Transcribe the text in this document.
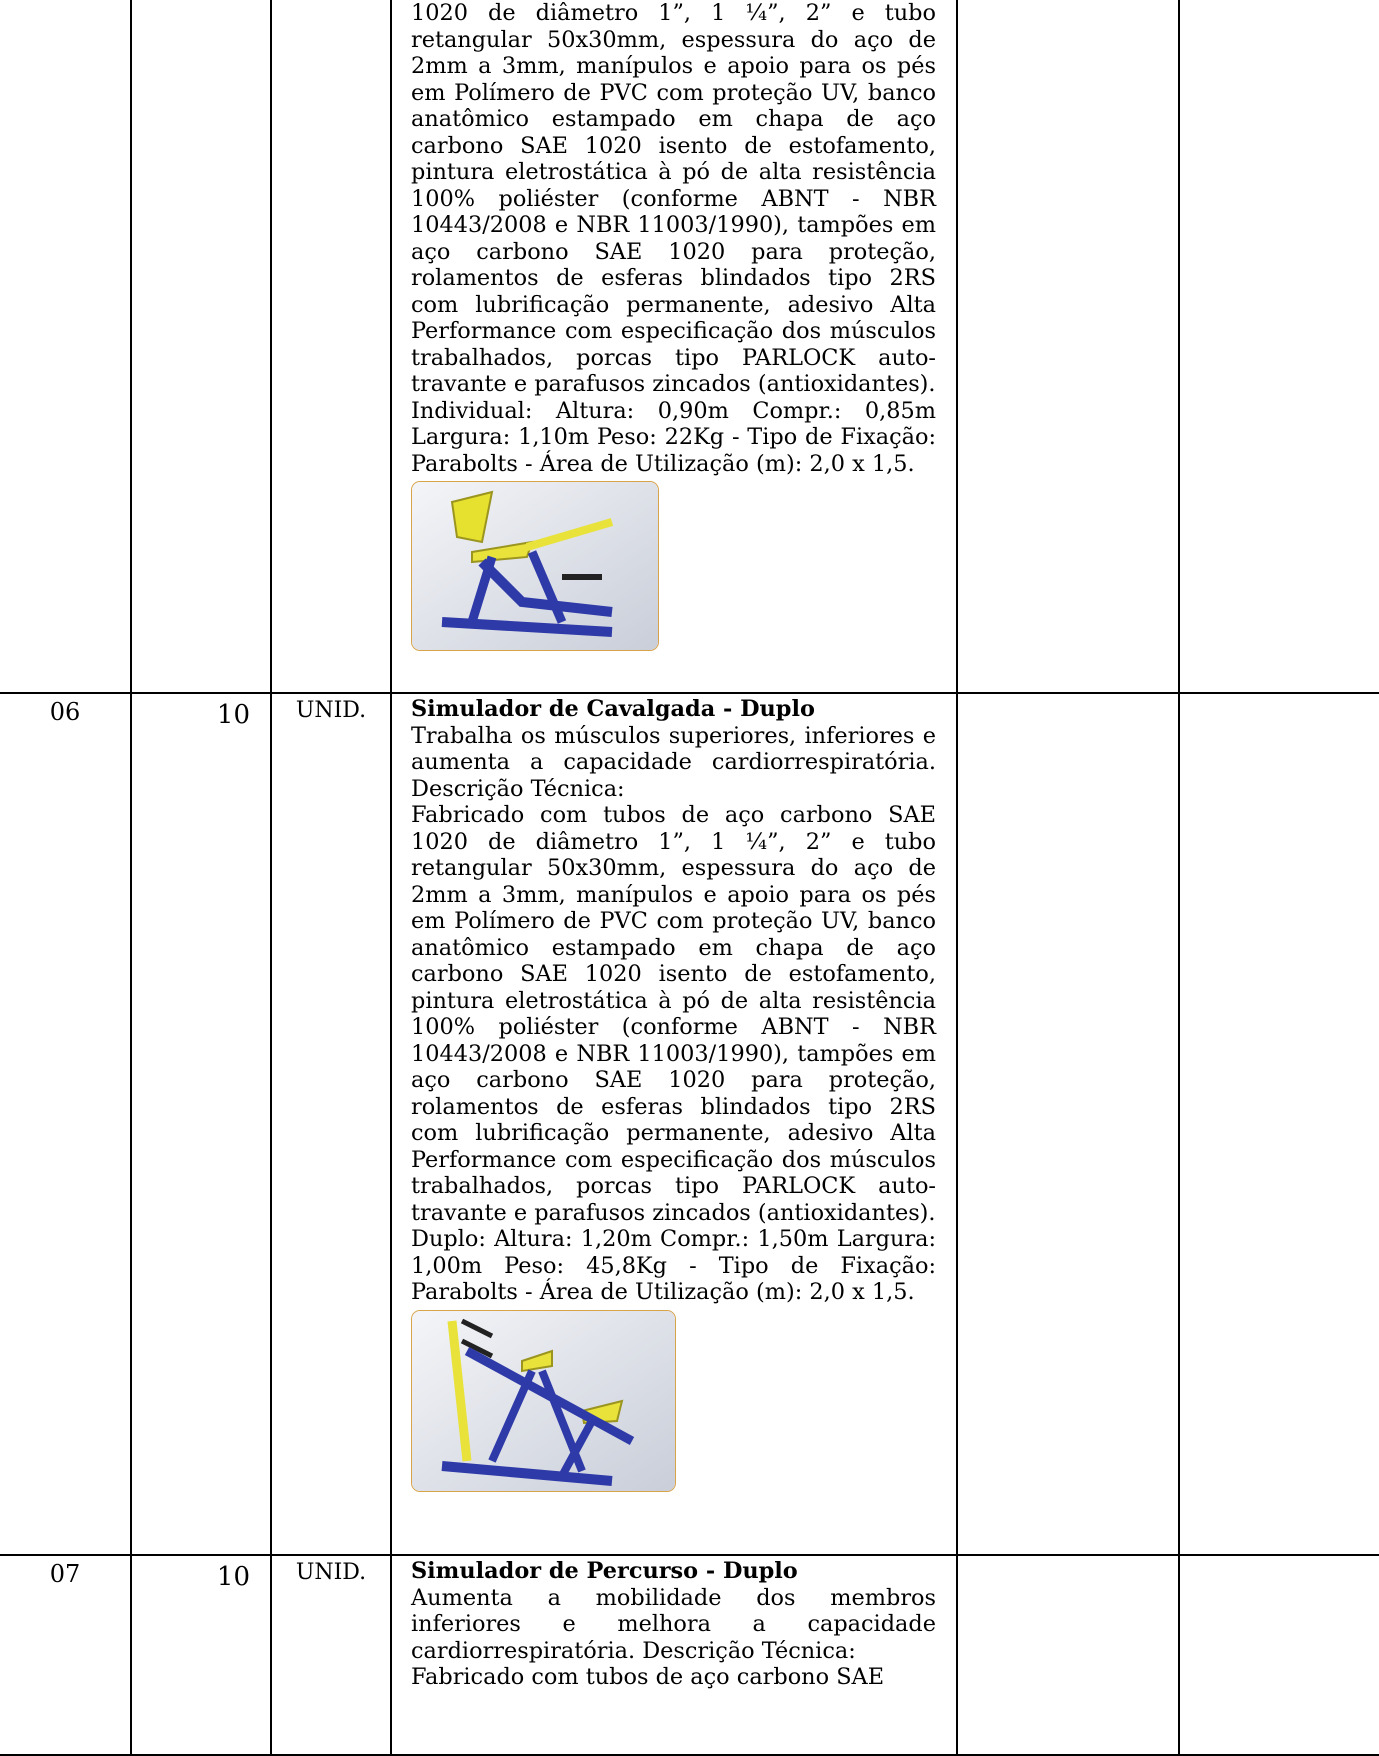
			1020 de diâmetro 1”, 1 ¼”, 2” e tubo retangular 50x30mm, espessura do aço de 2mm a 3mm, manípulos e apoio para os pés em Polímero de PVC com proteção UV, banco anatômico estampado em chapa de aço carbono SAE 1020 isento de estofamento, pintura eletrostática à pó de alta resistência 100% poliéster (conforme ABNT - NBR 10443/2008 e NBR 11003/1990), tampões em aço carbono SAE 1020 para proteção, rolamentos de esferas blindados tipo 2RS com lubrificação permanente, adesivo Alta Performance com especificação dos músculos trabalhados, porcas tipo PARLOCK auto-travante e parafusos zincados (antioxidantes).

Individual: Altura: 0,90m Compr.: 0,85m Largura: 1,10m Peso: 22Kg - Tipo de Fixação: Parabolts - Área de Utilização (m): 2,0 x 1,5.		

06	10	UNID.	Simulador de Cavalgada - Duplo

Trabalha os músculos superiores, inferiores e aumenta a capacidade cardiorrespiratória. Descrição Técnica:

Fabricado com tubos de aço carbono SAE 1020 de diâmetro 1”, 1 ¼”, 2” e tubo retangular 50x30mm, espessura do aço de 2mm a 3mm, manípulos e apoio para os pés em Polímero de PVC com proteção UV, banco anatômico estampado em chapa de aço carbono SAE 1020 isento de estofamento, pintura eletrostática à pó de alta resistência 100% poliéster (conforme ABNT - NBR 10443/2008 e NBR 11003/1990), tampões em aço carbono SAE 1020 para proteção, rolamentos de esferas blindados tipo 2RS com lubrificação permanente, adesivo Alta Performance com especificação dos músculos trabalhados, porcas tipo PARLOCK auto-travante e parafusos zincados (antioxidantes).

Duplo: Altura: 1,20m Compr.: 1,50m Largura: 1,00m Peso: 45,8Kg - Tipo de Fixação: Parabolts - Área de Utilização (m): 2,0 x 1,5.		

07	10	UNID.	Simulador de Percurso - Duplo

Aumenta a mobilidade dos membros inferiores e melhora a capacidade cardiorrespiratória. Descrição Técnica:

Fabricado com tubos de aço carbono SAE		
